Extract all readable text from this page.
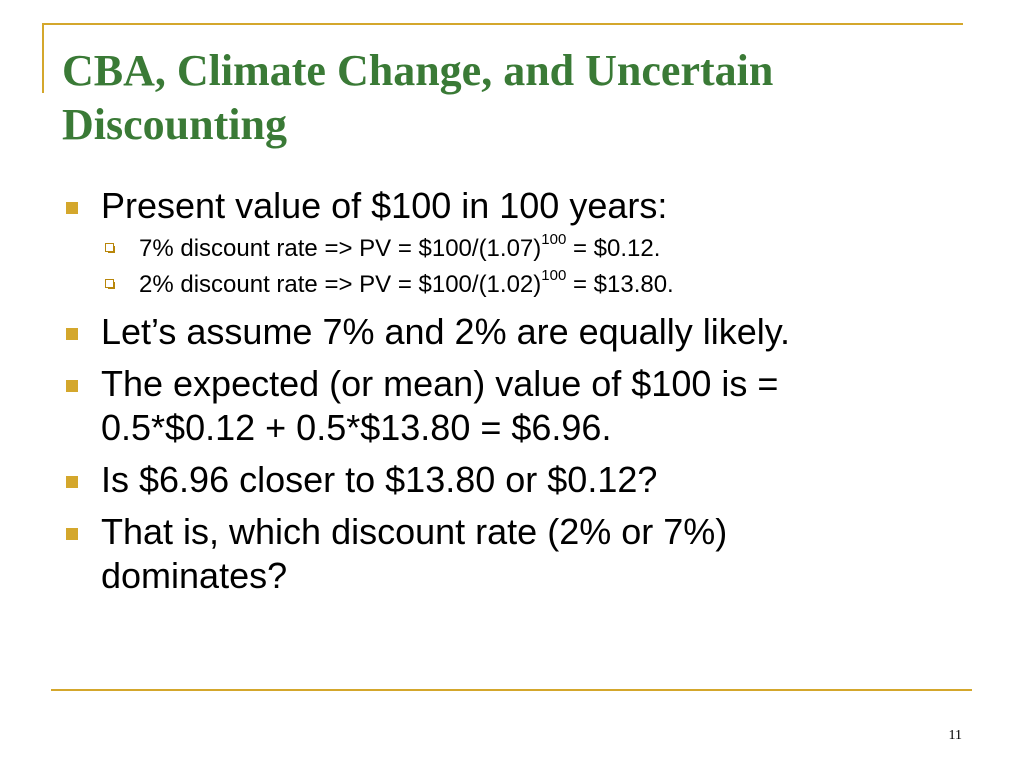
CBA, Climate Change, and Uncertain
Discounting
Present value of $100 in 100 years:
7% discount rate => PV = $\$100/(1.07)^{100}$ = $0.12.
2% discount rate => PV = $\$100/(1.02)^{100}$ = $13.80.
Let’s assume 7% and 2% are equally likely.
The expected (or mean) value of $100 is =
0.5*$0.12 + 0.5*$13.80 = $6.96.
Is $6.96 closer to $13.80 or $0.12?
That is, which discount rate (2% or 7%)
dominates?
11
